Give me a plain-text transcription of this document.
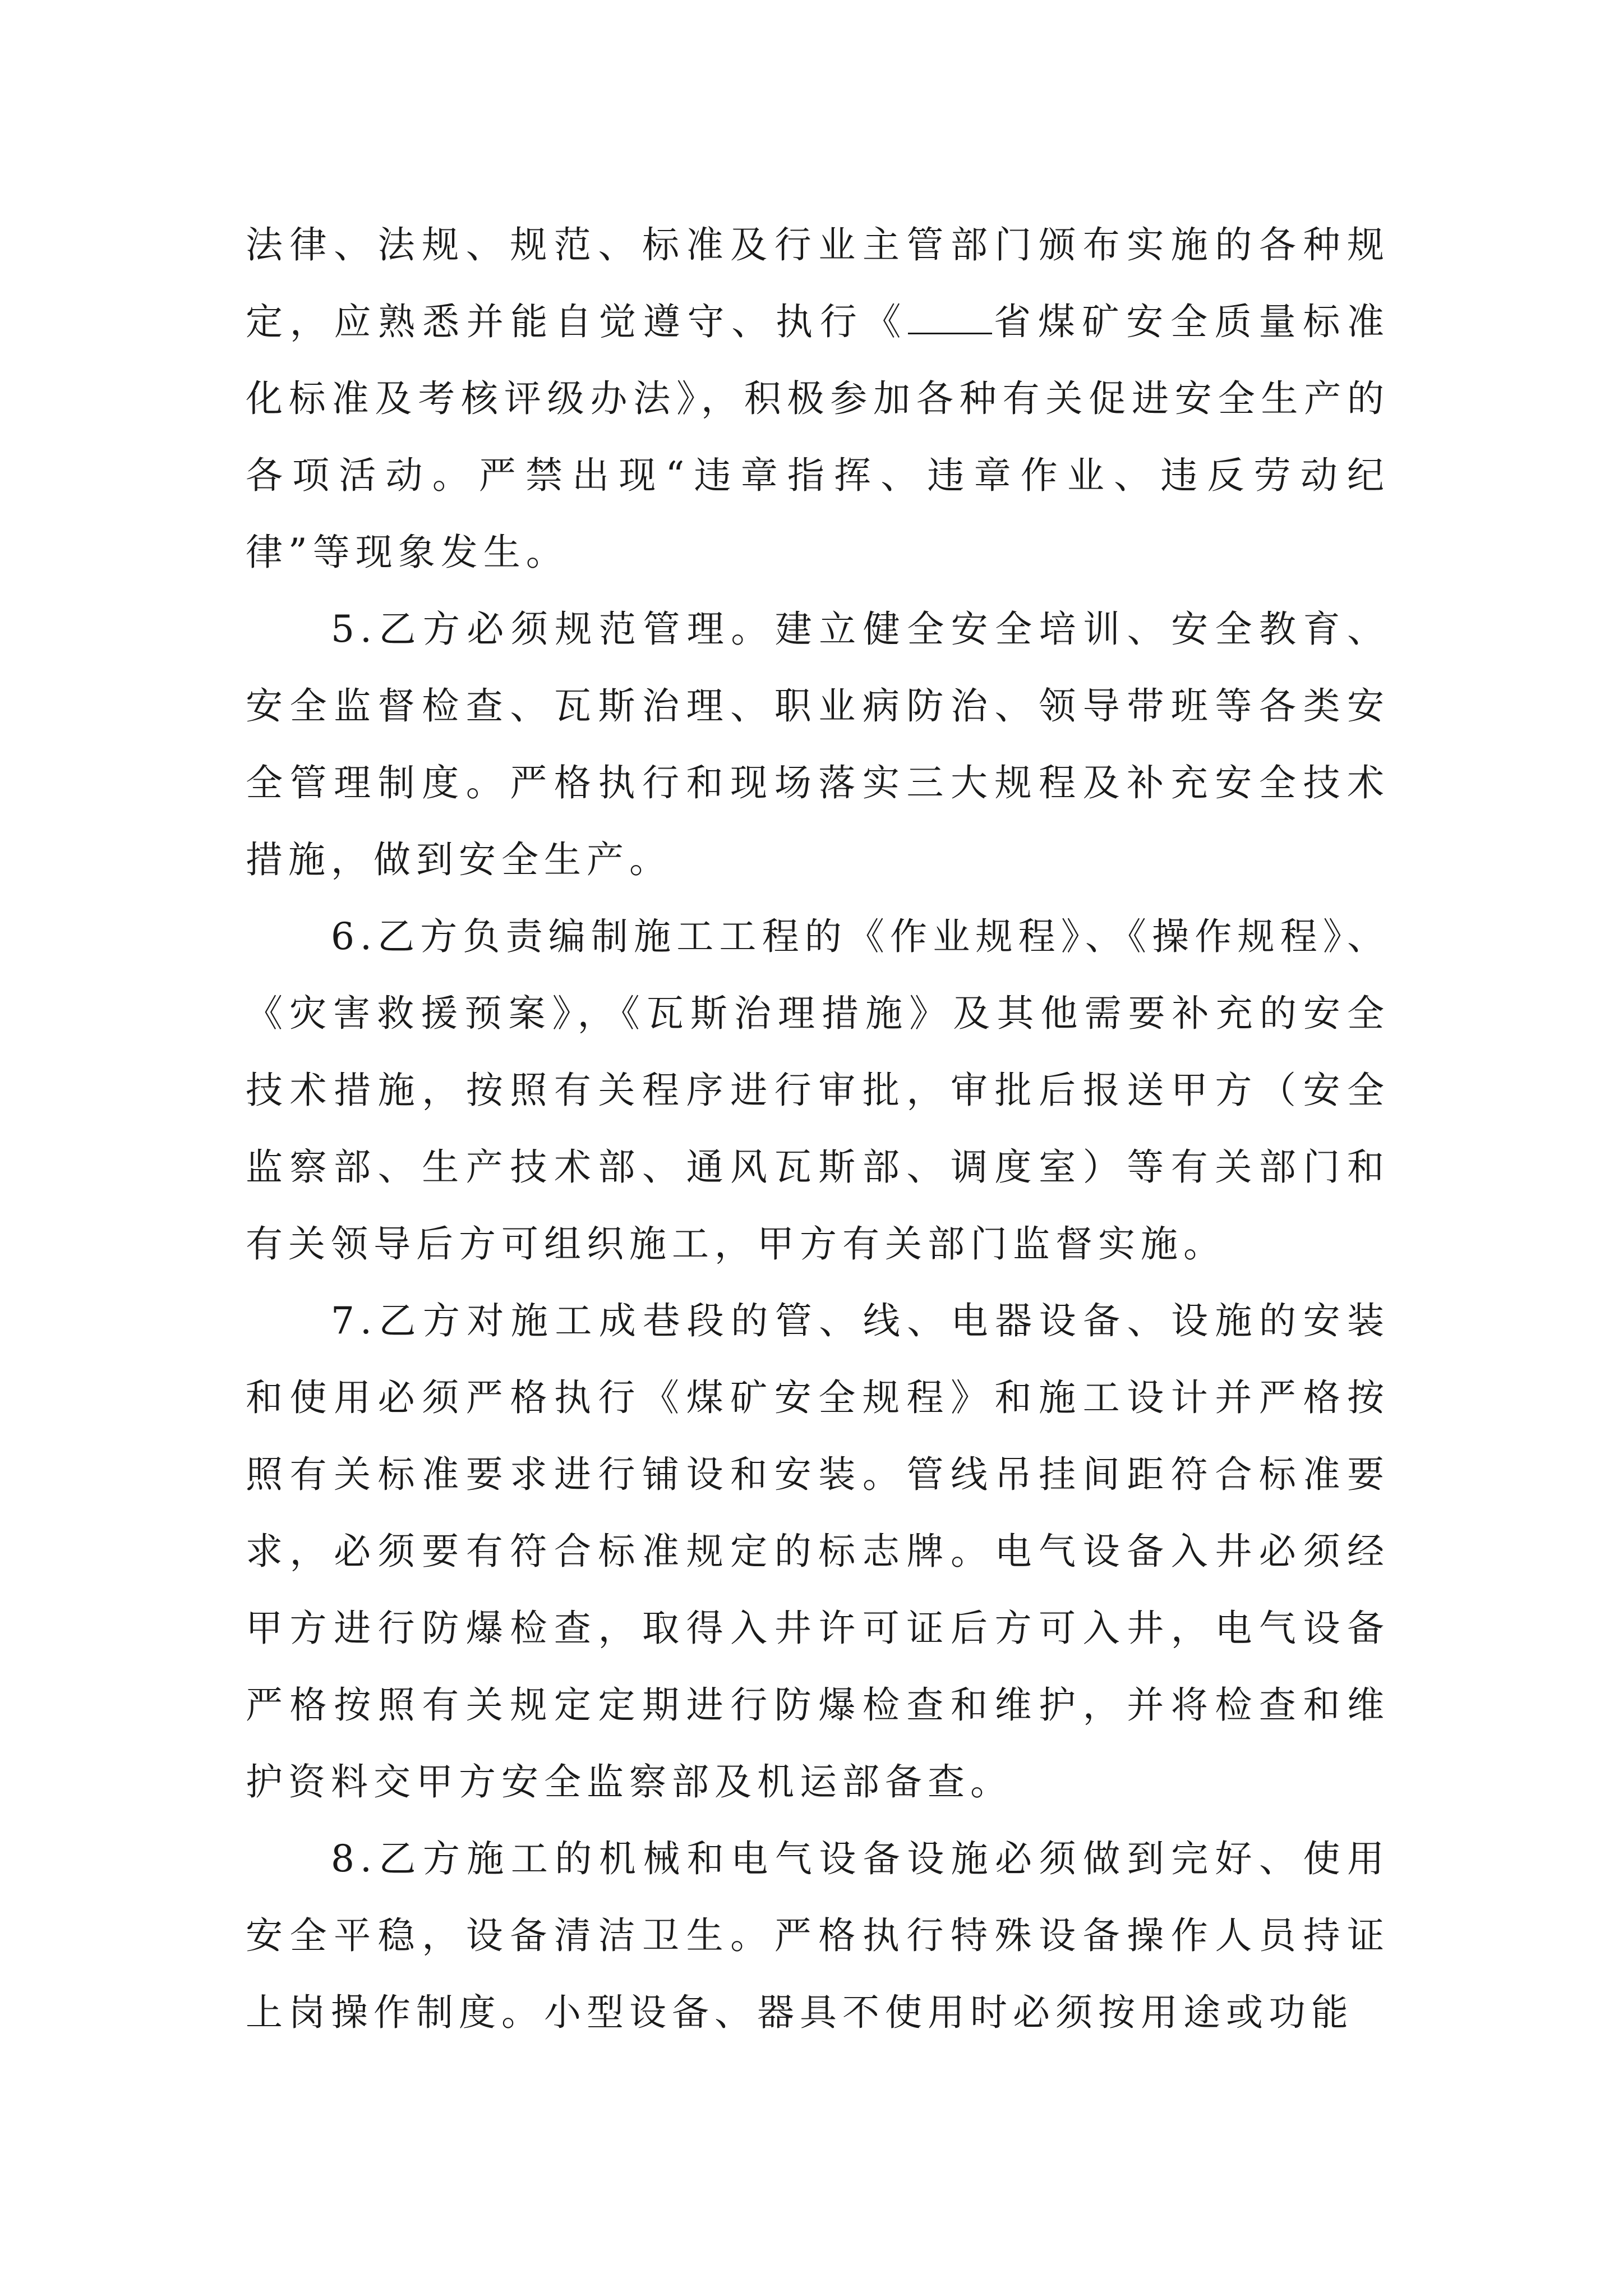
法律、法规、规范、标准及行业主管部门颁布实施的各种规定，应熟悉并能自觉遵守、执行《 省煤矿安全质量标准化标准及考核评级办法》，积极参加各种有关促进安全生产的各项活动。严禁出现“违章指挥、违章作业、违反劳动纪律”等现象发生。

5.乙方必须规范管理。建立健全安全培训、安全教育、安全监督检查、瓦斯治理、职业病防治、领导带班等各类安全管理制度。严格执行和现场落实三大规程及补充安全技术措施，做到安全生产。

6.乙方负责编制施工工程的《作业规程》、《操作规程》、《灾害救援预案》，《瓦斯治理措施》及其他需要补充的安全技术措施，按照有关程序进行审批，审批后报送甲方（安全监察部、生产技术部、通风瓦斯部、调度室）等有关部门和有关领导后方可组织施工，甲方有关部门监督实施。

7.乙方对施工成巷段的管、线、电器设备、设施的安装和使用必须严格执行《煤矿安全规程》和施工设计并严格按照有关标准要求进行铺设和安装。管线吊挂间距符合标准要求，必须要有符合标准规定的标志牌。电气设备入井必须经甲方进行防爆检查，取得入井许可证后方可入井，电气设备严格按照有关规定定期进行防爆检查和维护，并将检查和维护资料交甲方安全监察部及机运部备查。

8.乙方施工的机械和电气设备设施必须做到完好、使用安全平稳，设备清洁卫生。严格执行特殊设备操作人员持证上岗操作制度。小型设备、器具不使用时必须按用途或功能
